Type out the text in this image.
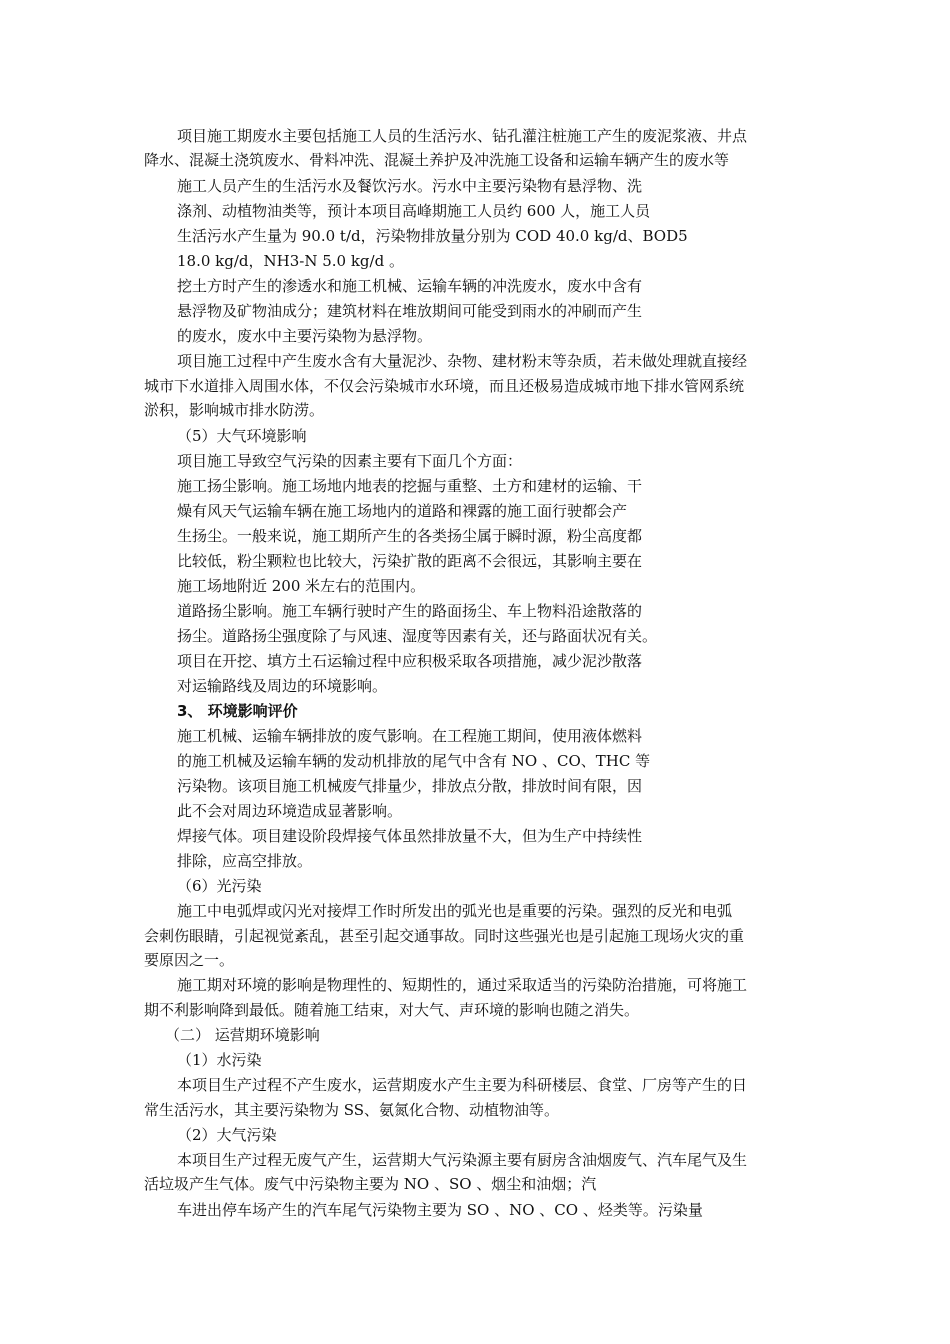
项目施工期废水主要包括施工人员的生活污水、钻孔灌注桩施工产生的废泥浆液、井点
降水、混凝土浇筑废水、骨料冲洗、混凝土养护及冲洗施工设备和运输车辆产生的废水等
施工人员产生的生活污水及餐饮污水。污水中主要污染物有悬浮物、洗
涤剂、动植物油类等，预计本项目高峰期施工人员约 600 人，施工人员
生活污水产生量为 90.0 t/d，污染物排放量分别为 COD 40.0 kg/d、BOD5
18.0 kg/d，NH3-N 5.0 kg/d 。
挖土方时产生的渗透水和施工机械、运输车辆的冲洗废水，废水中含有
悬浮物及矿物油成分；建筑材料在堆放期间可能受到雨水的冲刷而产生
的废水，废水中主要污染物为悬浮物。
项目施工过程中产生废水含有大量泥沙、杂物、建材粉末等杂质，若未做处理就直接经
城市下水道排入周围水体，不仅会污染城市水环境，而且还极易造成城市地下排水管网系统
淤积，影响城市排水防涝。
（5）大气环境影响
项目施工导致空气污染的因素主要有下面几个方面：
施工扬尘影响。施工场地内地表的挖掘与重整、土方和建材的运输、干
燥有风天气运输车辆在施工场地内的道路和裸露的施工面行驶都会产
生扬尘。一般来说，施工期所产生的各类扬尘属于瞬时源，粉尘高度都
比较低，粉尘颗粒也比较大，污染扩散的距离不会很远，其影响主要在
施工场地附近 200 米左右的范围内。
道路扬尘影响。施工车辆行驶时产生的路面扬尘、车上物料沿途散落的
扬尘。道路扬尘强度除了与风速、湿度等因素有关，还与路面状况有关。
项目在开挖、填方土石运输过程中应积极采取各项措施，减少泥沙散落
对运输路线及周边的环境影响。
3、 环境影响评价
施工机械、运输车辆排放的废气影响。在工程施工期间，使用液体燃料
的施工机械及运输车辆的发动机排放的尾气中含有 NO 、CO、THC 等
污染物。该项目施工机械废气排量少，排放点分散，排放时间有限，因
此不会对周边环境造成显著影响。
焊接气体。项目建设阶段焊接气体虽然排放量不大，但为生产中持续性
排除，应高空排放。
（6）光污染
施工中电弧焊或闪光对接焊工作时所发出的弧光也是重要的污染。强烈的反光和电弧
会刺伤眼睛，引起视觉紊乱，甚至引起交通事故。同时这些强光也是引起施工现场火灾的重
要原因之一。
施工期对环境的影响是物理性的、短期性的，通过采取适当的污染防治措施，可将施工
期不利影响降到最低。随着施工结束，对大气、声环境的影响也随之消失。
（二） 运营期环境影响
（1）水污染
本项目生产过程不产生废水，运营期废水产生主要为科研楼层、食堂、厂房等产生的日
常生活污水，其主要污染物为 SS、氨氮化合物、动植物油等。
（2）大气污染
本项目生产过程无废气产生，运营期大气污染源主要有厨房含油烟废气、汽车尾气及生
活垃圾产生气体。废气中污染物主要为 NO 、SO 、烟尘和油烟；汽
车进出停车场产生的汽车尾气污染物主要为 SO 、NO 、CO 、烃类等。污染量
